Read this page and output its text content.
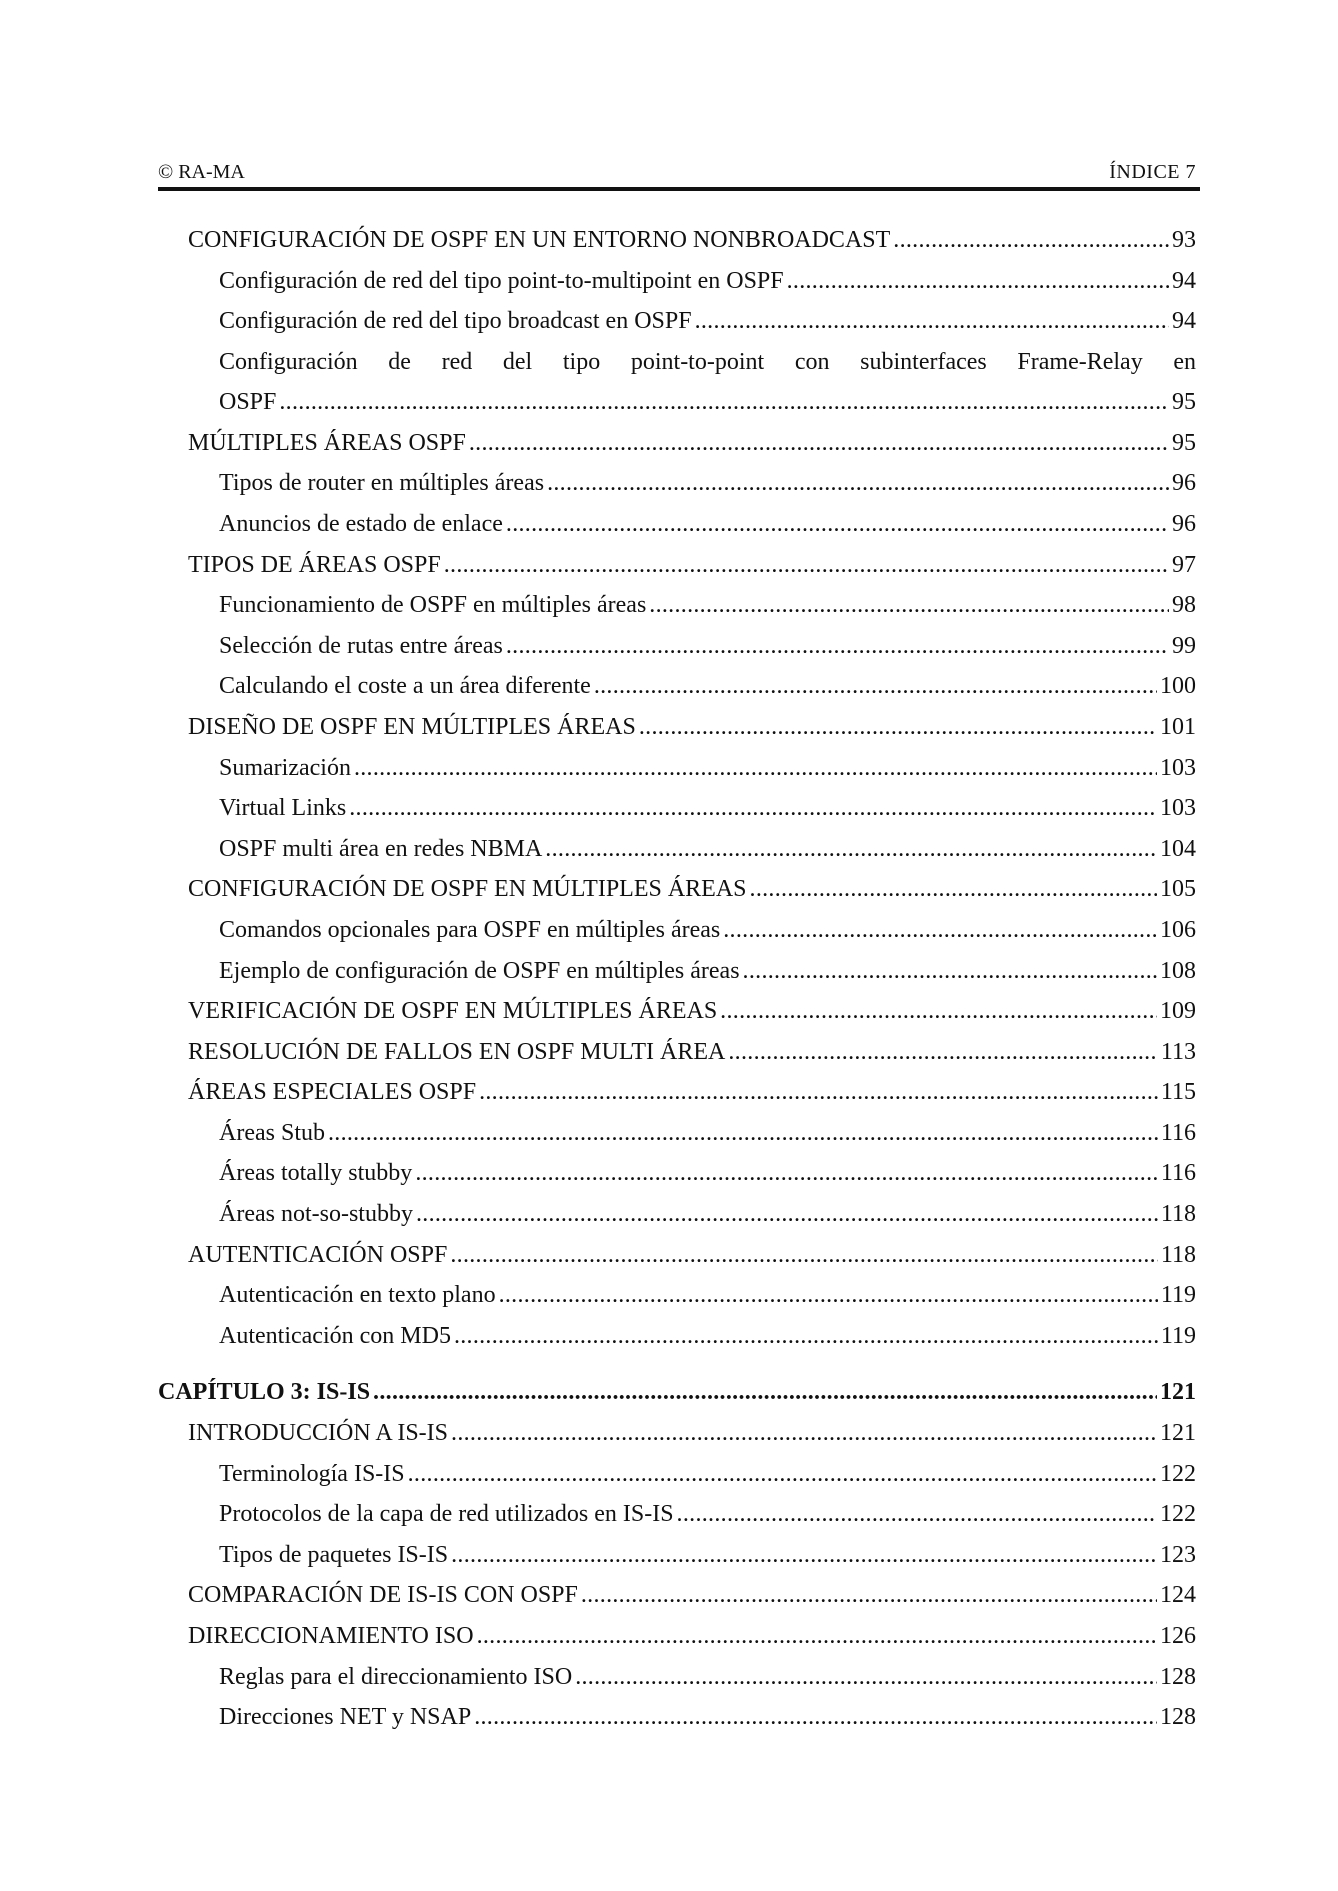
© RA-MA	ÍNDICE 7
CONFIGURACIÓN DE OSPF EN UN ENTORNO NONBROADCAST .....	93
Configuración de red del tipo point-to-multipoint en OSPF .....	94
Configuración de red del tipo broadcast en OSPF .....	94
Configuración de red del tipo point-to-point con subinterfaces Frame-Relay en
OSPF .....	95
MÚLTIPLES ÁREAS OSPF .....	95
Tipos de router en múltiples áreas .....	96
Anuncios de estado de enlace .....	96
TIPOS DE ÁREAS OSPF .....	97
Funcionamiento de OSPF en múltiples áreas .....	98
Selección de rutas entre áreas .....	99
Calculando el coste a un área diferente .....	100
DISEÑO DE OSPF EN MÚLTIPLES ÁREAS .....	101
Sumarización .....	103
Virtual Links .....	103
OSPF multi área en redes NBMA .....	104
CONFIGURACIÓN DE OSPF EN MÚLTIPLES ÁREAS .....	105
Comandos opcionales para OSPF en múltiples áreas .....	106
Ejemplo de configuración de OSPF en múltiples áreas .....	108
VERIFICACIÓN DE OSPF EN MÚLTIPLES ÁREAS .....	109
RESOLUCIÓN DE FALLOS EN OSPF MULTI ÁREA .....	113
ÁREAS ESPECIALES OSPF .....	115
Áreas Stub .....	116
Áreas totally stubby .....	116
Áreas not-so-stubby .....	118
AUTENTICACIÓN OSPF .....	118
Autenticación en texto plano .....	119
Autenticación con MD5 .....	119
CAPÍTULO 3: IS-IS .....	121
INTRODUCCIÓN A IS-IS .....	121
Terminología IS-IS .....	122
Protocolos de la capa de red utilizados en IS-IS .....	122
Tipos de paquetes IS-IS .....	123
COMPARACIÓN DE IS-IS CON OSPF .....	124
DIRECCIONAMIENTO ISO .....	126
Reglas para el direccionamiento ISO .....	128
Direcciones NET y NSAP .....	128
